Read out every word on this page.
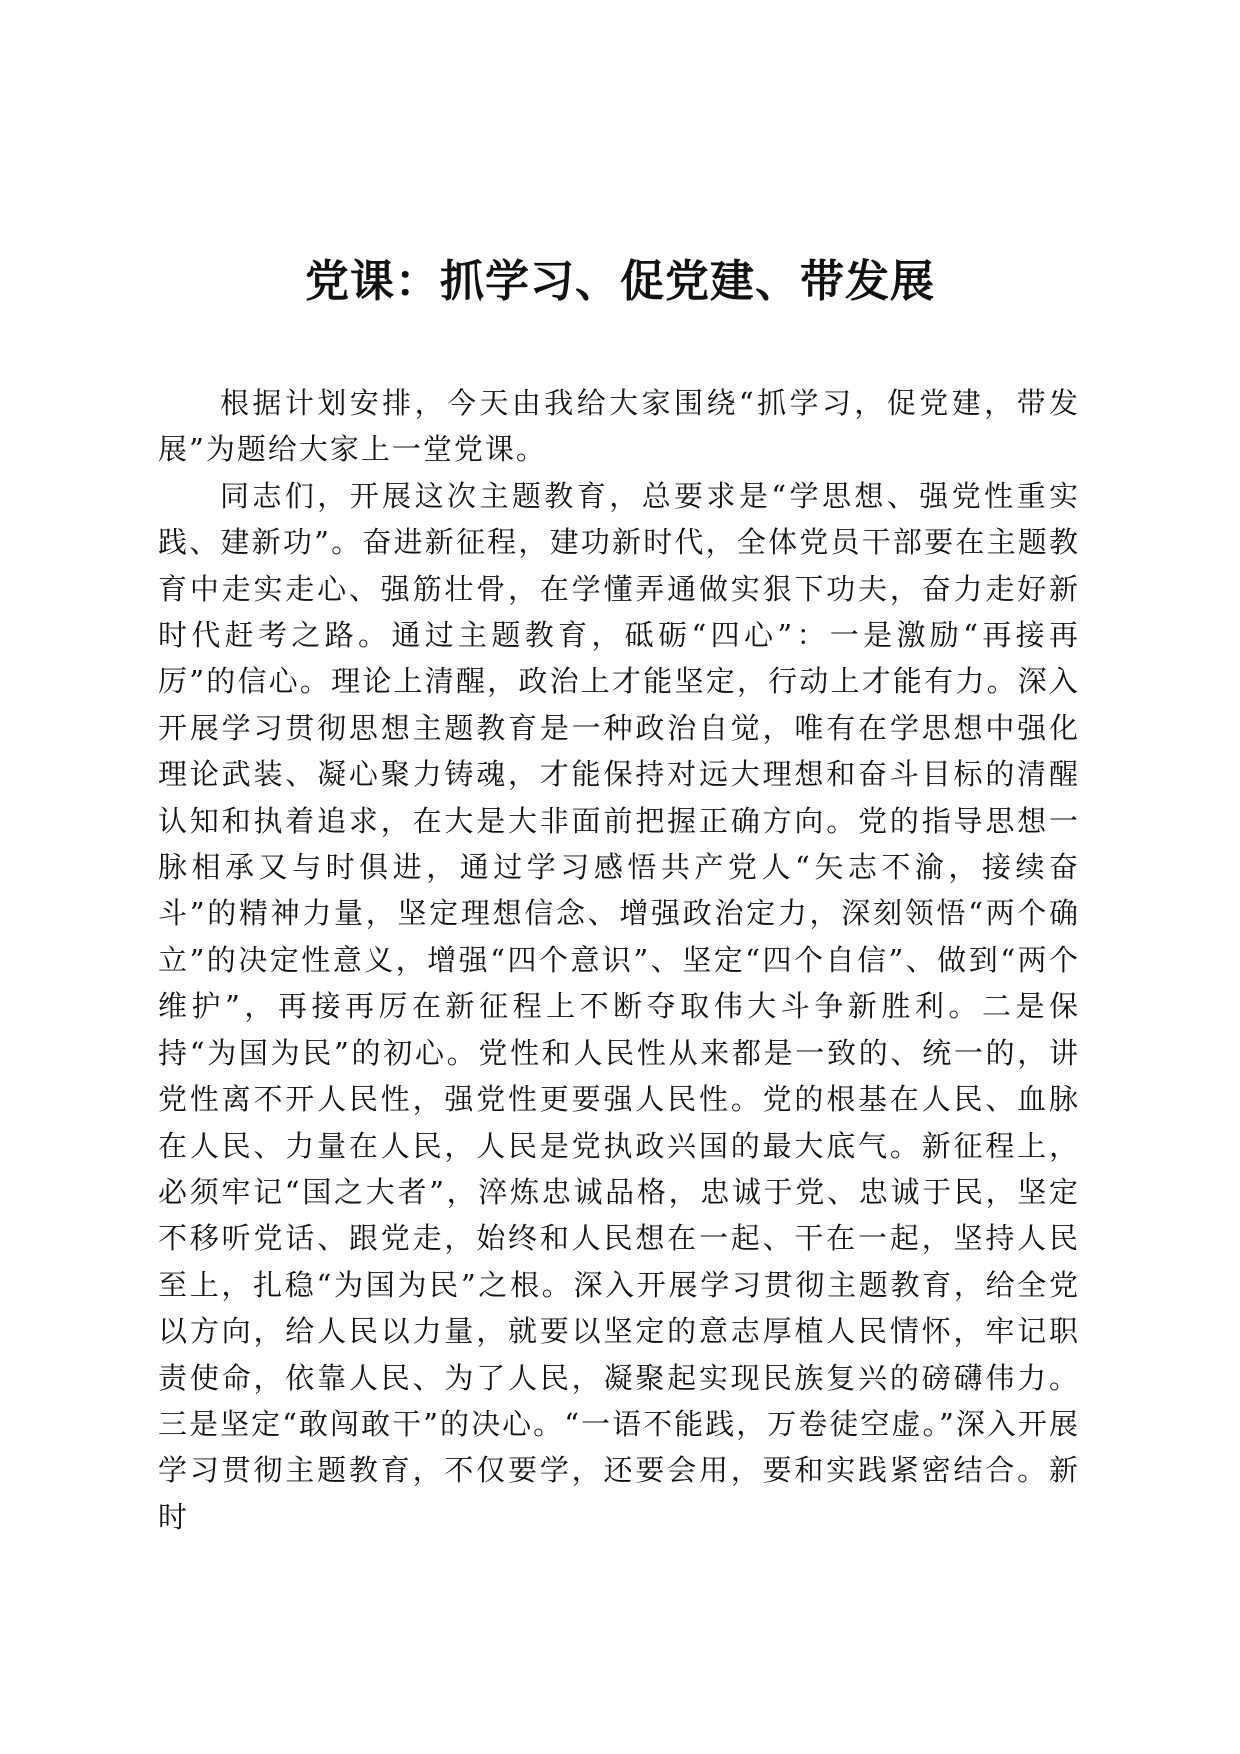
党课：抓学习、促党建、带发展

根据计划安排，今天由我给大家围绕“抓学习，促党建，带发展”为题给大家上一堂党课。

同志们，开展这次主题教育，总要求是“学思想、强党性重实践、建新功”。奋进新征程，建功新时代，全体党员干部要在主题教育中走实走心、强筋壮骨，在学懂弄通做实狠下功夫，奋力走好新时代赶考之路。通过主题教育，砥砺“四心”：一是激励“再接再厉”的信心。理论上清醒，政治上才能坚定，行动上才能有力。深入开展学习贯彻思想主题教育是一种政治自觉，唯有在学思想中强化理论武装、凝心聚力铸魂，才能保持对远大理想和奋斗目标的清醒认知和执着追求，在大是大非面前把握正确方向。党的指导思想一脉相承又与时俱进，通过学习感悟共产党人“矢志不渝，接续奋斗”的精神力量，坚定理想信念、增强政治定力，深刻领悟“两个确立”的决定性意义，增强“四个意识”、坚定“四个自信”、做到“两个维护”，再接再厉在新征程上不断夺取伟大斗争新胜利。二是保持“为国为民”的初心。党性和人民性从来都是一致的、统一的，讲党性离不开人民性，强党性更要强人民性。党的根基在人民、血脉在人民、力量在人民，人民是党执政兴国的最大底气。新征程上，必须牢记“国之大者”，淬炼忠诚品格，忠诚于党、忠诚于民，坚定不移听党话、跟党走，始终和人民想在一起、干在一起，坚持人民至上，扎稳“为国为民”之根。深入开展学习贯彻主题教育，给全党以方向，给人民以力量，就要以坚定的意志厚植人民情怀，牢记职责使命，依靠人民、为了人民，凝聚起实现民族复兴的磅礴伟力。三是坚定“敢闯敢干”的决心。“一语不能践，万卷徒空虚。”深入开展学习贯彻主题教育，不仅要学，还要会用，要和实践紧密结合。新时
